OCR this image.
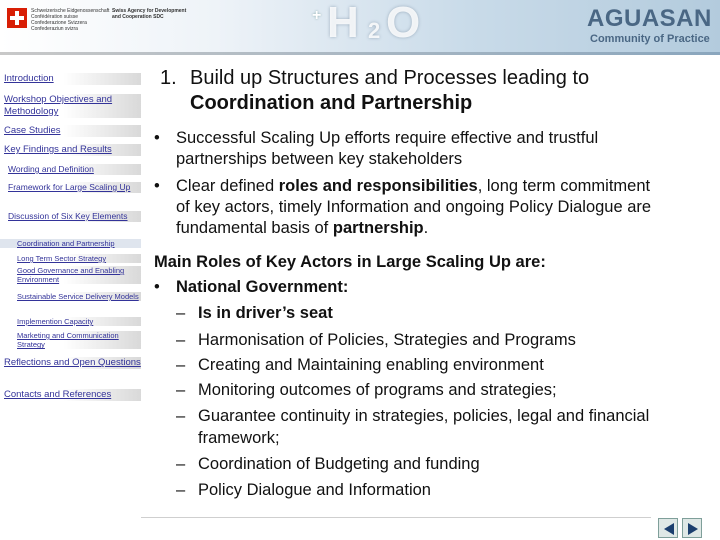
Schweizerische Eidgenossenschaft
Confédération suisse
Confederazione Svizzera
Confederaziun svizra
Swiss Agency for Development
and Cooperation SDC	+ H 2 O	AGUASAN
Community of Practice
Introduction
Workshop Objectives and Methodology
Case Studies
Key Findings and Results
Wording and Definition
Framework for Large Scaling Up
Discussion of Six Key Elements
Coordination and Partnership
Long Term Sector Strategy
Good Governance and Enabling Environment
Sustainable Service Delivery Models
Implemention Capacity
Marketing and Communication Strategy
Reflections and Open Questions
Contacts and References
1. Build up Structures and Processes leading to
Coordination and Partnership
• Successful Scaling Up efforts require effective and trustful
partnerships between key stakeholders
• Clear defined roles and responsibilities, long term commitment
of key actors, timely Information and ongoing Policy Dialogue are
fundamental basis of partnership.
Main Roles of Key Actors in Large Scaling Up are:
• National Government:
– Is in driver’s seat
– Harmonisation of Policies, Strategies and Programs
– Creating and Maintaining enabling environment
– Monitoring outcomes of programs and strategies;
– Guarantee continuity in strategies, policies, legal and financial
framework;
– Coordination of Budgeting and funding
– Policy Dialogue and Information
